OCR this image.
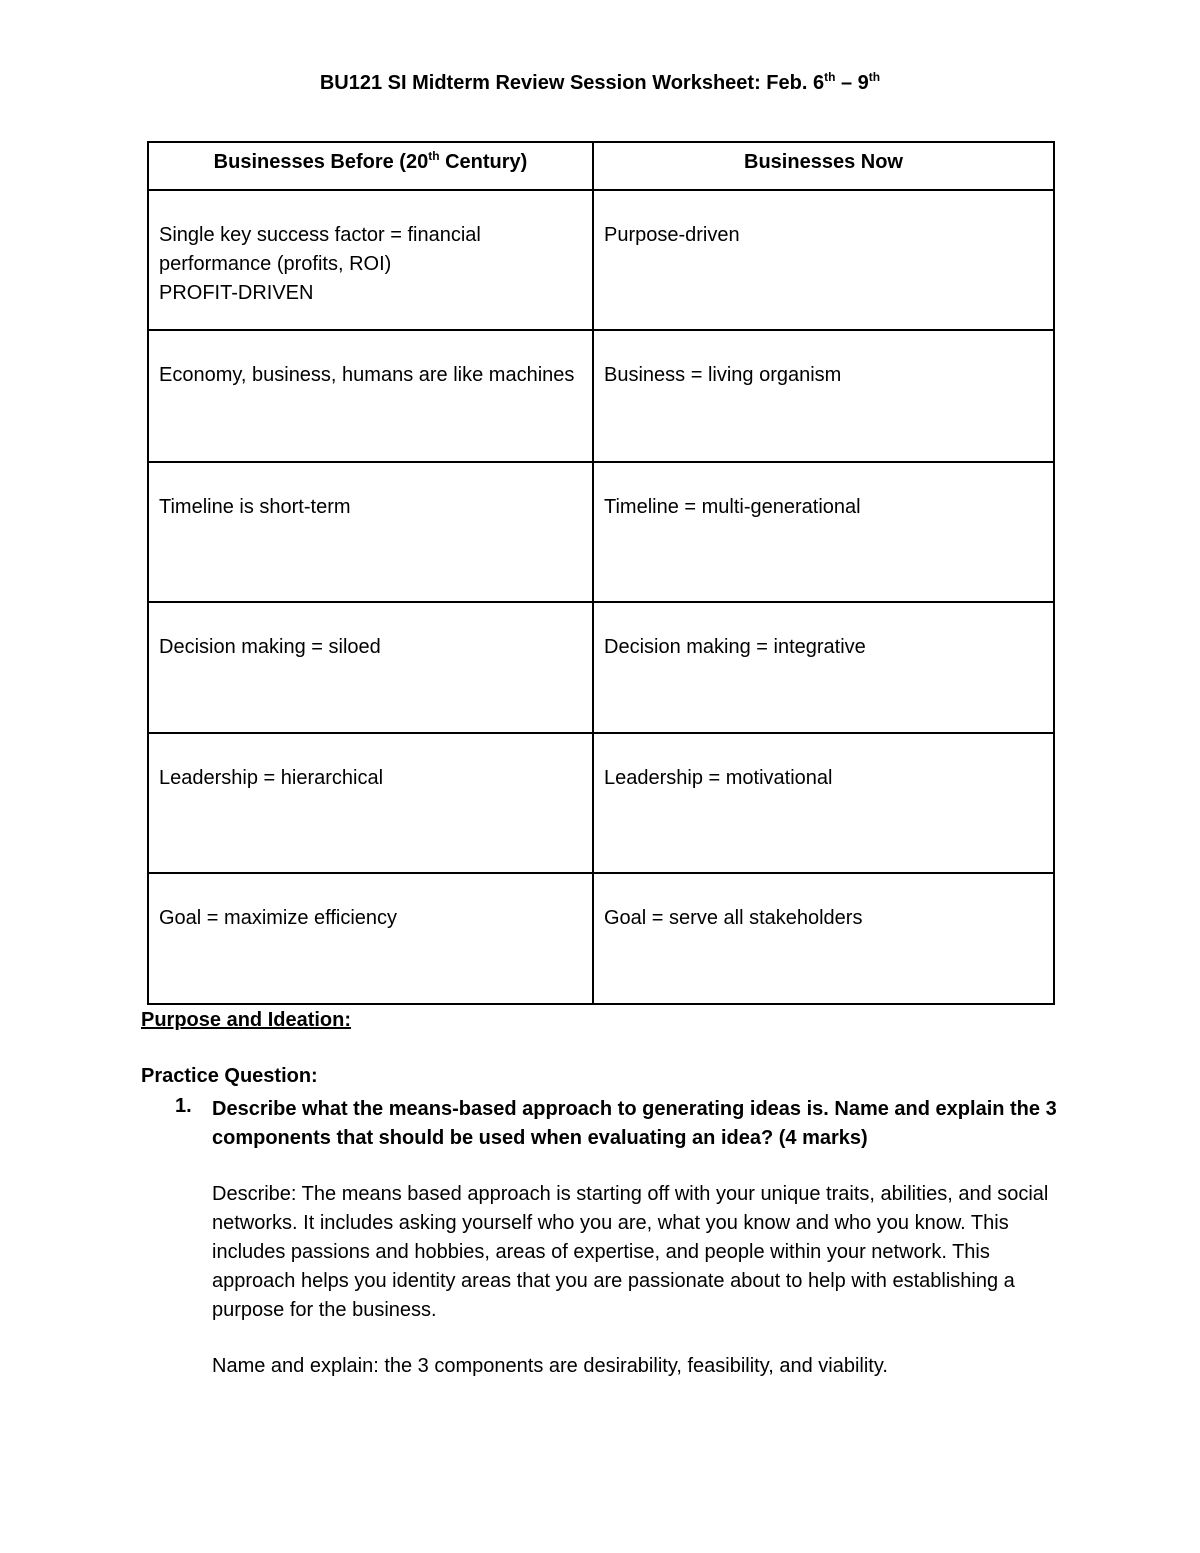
BU121 SI Midterm Review Session Worksheet: Feb. 6th – 9th
Businesses Before (20th Century)	Businesses Now
Single key success factor = financial performance (profits, ROI)
PROFIT-DRIVEN	Purpose-driven
Economy, business, humans are like machines	Business = living organism
Timeline is short-term	Timeline = multi-generational
Decision making = siloed	Decision making = integrative
Leadership = hierarchical	Leadership = motivational
Goal = maximize efficiency	Goal = serve all stakeholders
Purpose and Ideation:
Practice Question:
1. Describe what the means-based approach to generating ideas is. Name and explain the 3 components that should be used when evaluating an idea? (4 marks)
Describe: The means based approach is starting off with your unique traits, abilities, and social networks. It includes asking yourself who you are, what you know and who you know. This includes passions and hobbies, areas of expertise, and people within your network. This approach helps you identity areas that you are passionate about to help with establishing a purpose for the business.
Name and explain: the 3 components are desirability, feasibility, and viability.
